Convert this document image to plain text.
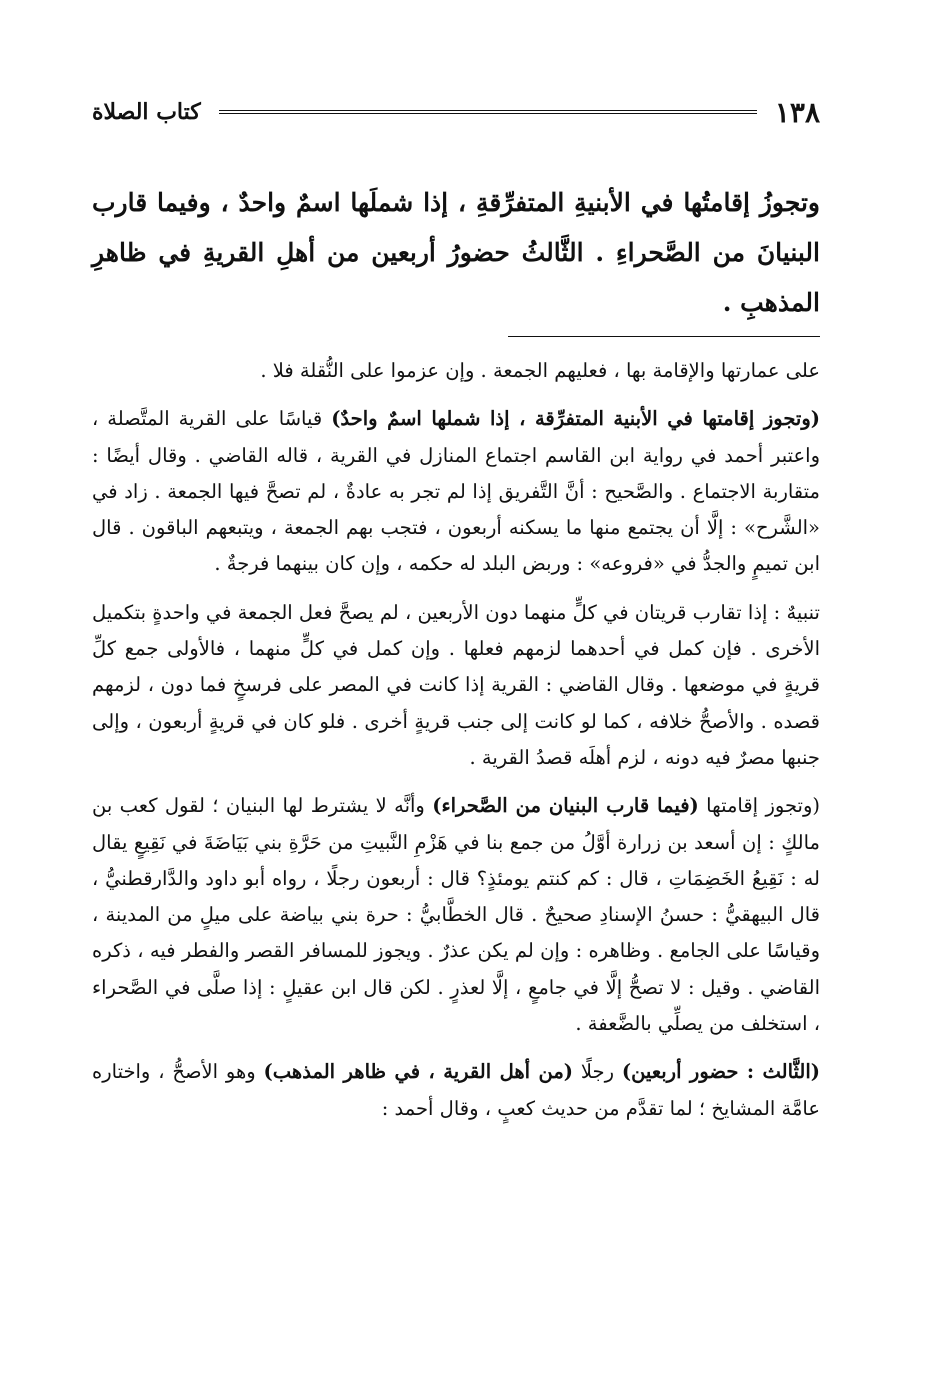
١٣٨
كتاب الصلاة
وتجوزُ إقامتُها في الأبنيةِ المتفرِّقةِ ، إذا شملَها اسمٌ واحدٌ ، وفيما قارب البنيانَ من الصَّحراءِ . الثَّالثُ حضورُ أربعين من أهلِ القريةِ في ظاهرِ المذهبِ .

على عمارتها والإقامة بها ، فعليهم الجمعة . وإن عزموا على النُّقلة فلا .

(وتجوز إقامتها في الأبنية المتفرِّقة ، إذا شملها اسمٌ واحدٌ) قياسًا على القرية المتَّصلة ، واعتبر أحمد في رواية ابن القاسم اجتماع المنازل في القرية ، قاله القاضي . وقال أيضًا : متقاربة الاجتماع . والصَّحيح : أنَّ التَّفريق إذا لم تجر به عادةٌ ، لم تصحَّ فيها الجمعة . زاد في «الشَّرح» : إلَّا أن يجتمع منها ما يسكنه أربعون ، فتجب بهم الجمعة ، ويتبعهم الباقون . قال ابن تميمٍ والجدُّ في «فروعه» : وربض البلد له حكمه ، وإن كان بينهما فرجةٌ .

تنبيهٌ : إذا تقارب قريتان في كلٍّ منهما دون الأربعين ، لم يصحَّ فعل الجمعة في واحدةٍ بتكميل الأخرى . فإن كمل في أحدهما لزمهم فعلها . وإن كمل في كلٍّ منهما ، فالأولى جمع كلِّ قريةٍ في موضعها . وقال القاضي : القرية إذا كانت في المصر على فرسخٍ فما دون ، لزمهم قصده . والأصحُّ خلافه ، كما لو كانت إلى جنب قريةٍ أخرى . فلو كان في قريةٍ أربعون ، وإلى جنبها مصرٌ فيه دونه ، لزم أهلَه قصدُ القرية .

(وتجوز إقامتها (فيما قارب البنيان من الصَّحراء) وأنَّه لا يشترط لها البنيان ؛ لقول كعب بن مالكٍ : إن أسعد بن زرارة أوَّلُ من جمع بنا في هَزْمِ النَّبيتِ من حَرَّةِ بني بَيَاضَةَ في نَقِيعٍ يقال له : نَقِيعُ الخَضِمَاتِ ، قال : كم كنتم يومئذٍ؟ قال : أربعون رجلًا ، رواه أبو داود والدَّارقطنيُّ ، قال البيهقيُّ : حسنُ الإسنادِ صحيحٌ . قال الخطَّابيُّ : حرة بني بياضة على ميلٍ من المدينة ، وقياسًا على الجامع . وظاهره : وإن لم يكن عذرٌ . ويجوز للمسافر القصر والفطر فيه ، ذكره القاضي . وقيل : لا تصحُّ إلَّا في جامعٍ ، إلَّا لعذرٍ . لكن قال ابن عقيلٍ : إذا صلَّى في الصَّحراء ، استخلف من يصلِّي بالضَّعفة .

(الثَّالث : حضور أربعين) رجلًا (من أهل القرية ، في ظاهر المذهب) وهو الأصحُّ ، واختاره عامَّة المشايخ ؛ لما تقدَّم من حديث كعبٍ ، وقال أحمد :
